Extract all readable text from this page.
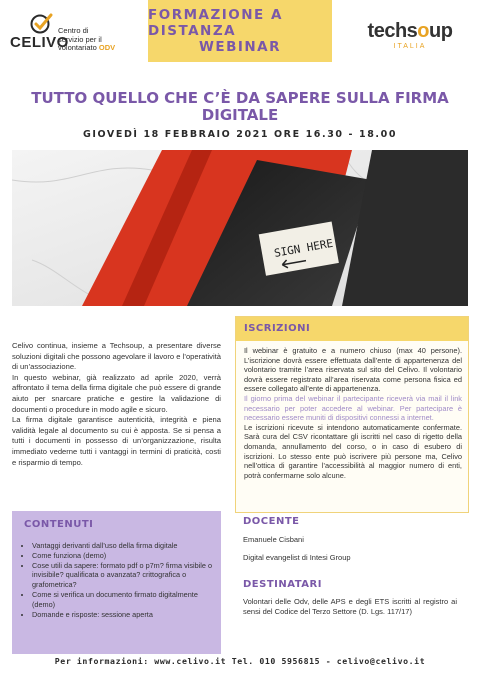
CELIVO
Centro di
servizio per il
volontariato ODV
FORMAZIONE A DISTANZA
WEBINAR
techsoup
ITALIA
TUTTO QUELLO CHE C’È DA SAPERE SULLA FIRMA
DIGITALE
GIOVEDÌ 18 FEBBRAIO 2021 ORE 16.30 - 18.00
SIGN HERE

Celivo continua, insieme a Techsoup, a presentare diverse soluzioni digitali che possono agevolare il lavoro e l’operatività di un’associazione.

In questo webinar, già realizzato ad aprile 2020, verrà affrontato il tema della firma digitale che può essere di grande aiuto per snarcare pratiche e gestire la validazione di documenti o procedure in modo agile e sicuro.

La firma digitale garantisce autenticità, integrità e piena validità legale al documento su cui è apposta. Se si pensa a tutti i documenti in possesso di un’organizzazione, risulta immediato vederne tutti i vantaggi in termini di praticità, costi e risparmio di tempo.

ISCRIZIONI

Il webinar è gratuito e a numero chiuso (max 40 persone). L’iscrizione dovrà essere effettuata dall’ente di appartenenza del volontario tramite l’area riservata sul sito del Celivo. Il volontario dovrà essere registrato all’area riservata come persona fisica ed essere collegato all’ente di appartenenza.

Il giorno prima del webinar il partecipante riceverà via mail il link necessario per poter accedere al webinar. Per partecipare è necessario essere muniti di dispositivi connessi a internet.

Le iscrizioni ricevute si intendono automaticamente confermate. Sarà cura del CSV ricontattare gli iscritti nel caso di rigetto della domanda, annullamento del corso, o in caso di esubero di iscrizioni. Lo stesso ente può iscrivere più persone ma, Celivo nell’ottica di garantire l’accessibilità al maggior numero di enti, potrà confermarne solo alcune.

CONTENUTI
• Vantaggi derivanti dall’uso della firma digitale
• Come funziona (demo)
• Cose utili da sapere: formato pdf o p7m? firma visibile o invisibile? qualificata o avanzata? crittografica o grafometrica?
• Come si verifica un documento firmato digitalmente (demo)
• Domande e risposte: sessione aperta
DOCENTE
Emanuele Cisbani
Digital evangelist di Intesi Group
DESTINATARI
Volontari delle Odv, delle APS e degli ETS iscritti al registro ai sensi del Codice del Terzo Settore (D. Lgs. 117/17)
Per informazioni: www.celivo.it Tel. 010 5956815 - celivo@celivo.it
